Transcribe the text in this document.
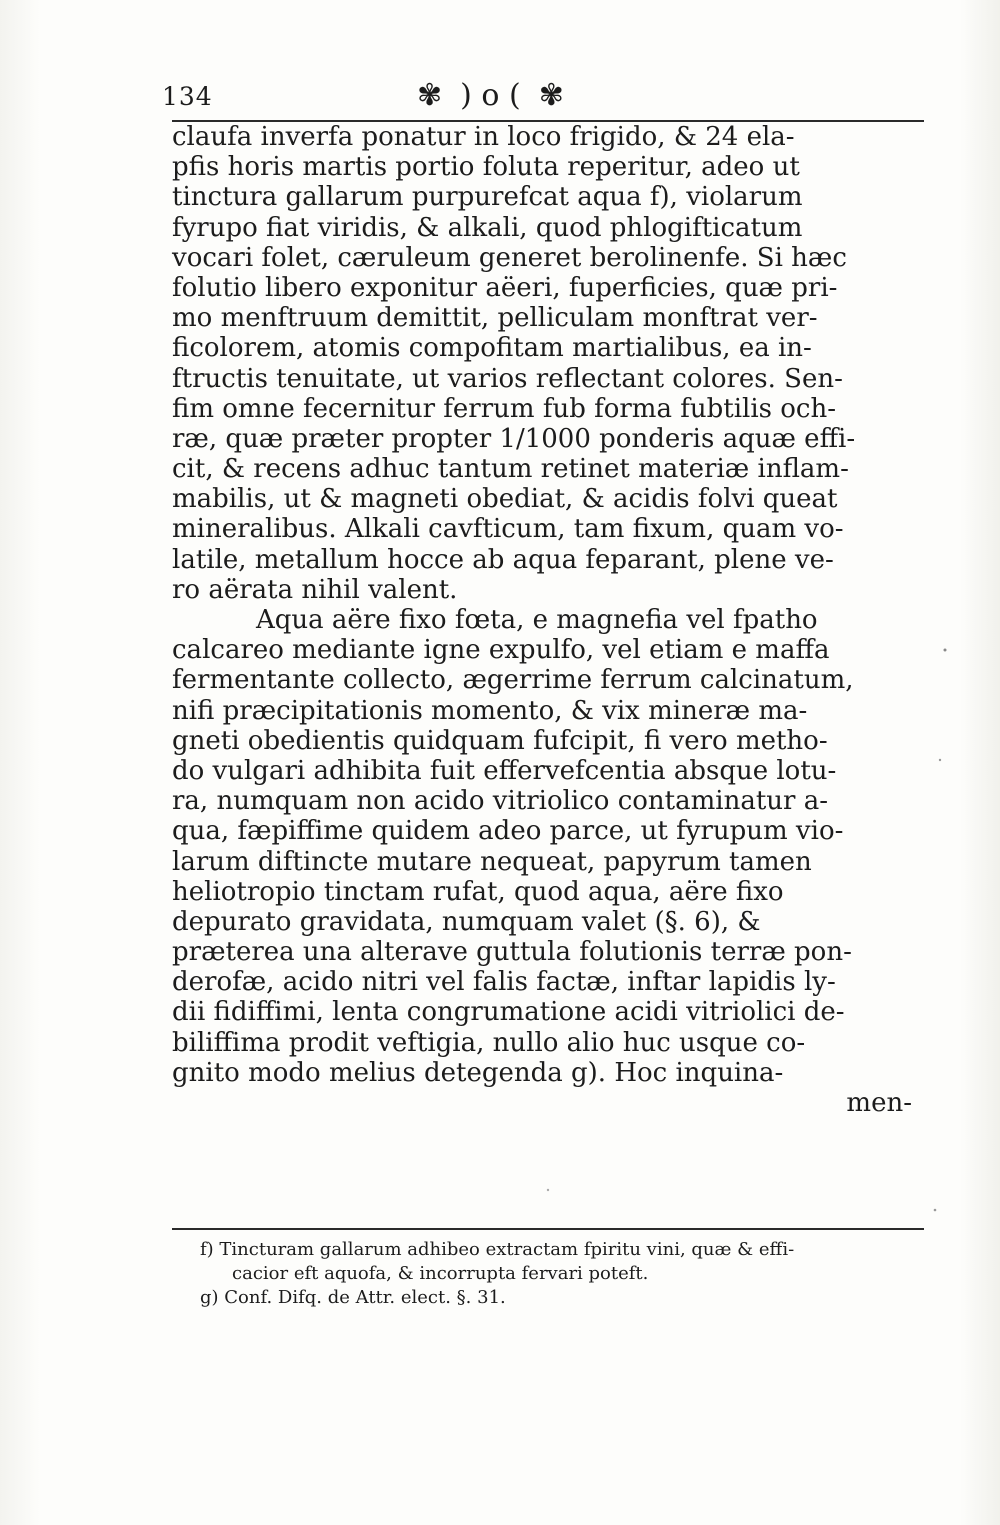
134	✾ ) o ( ✾
claufa inverfa ponatur in loco frigido, & 24 ela-
pfis horis martis portio foluta reperitur, adeo ut
tinctura gallarum purpurefcat aqua f), violarum
fyrupo fiat viridis, & alkali, quod phlogifticatum
vocari folet, cæruleum generet berolinenfe. Si hæc
folutio libero exponitur aëeri, fuperficies, quæ pri-
mo menftruum demittit, pelliculam monftrat ver-
ficolorem, atomis compofitam martialibus, ea in-
ftructis tenuitate, ut varios reflectant colores. Sen-
fim omne fecernitur ferrum fub forma fubtilis och-
ræ, quæ præter propter 1/1000 ponderis aquæ effi-
cit, & recens adhuc tantum retinet materiæ inflam-
mabilis, ut & magneti obediat, & acidis folvi queat
mineralibus. Alkali cavfticum, tam fixum, quam vo-
latile, metallum hocce ab aqua feparant, plene ve-
ro aërata nihil valent.
Aqua aëre fixo fœta, e magnefia vel fpatho
calcareo mediante igne expulfo, vel etiam e maffa
fermentante collecto, ægerrime ferrum calcinatum,
nifi præcipitationis momento, & vix mineræ ma-
gneti obedientis quidquam fufcipit, fi vero metho-
do vulgari adhibita fuit effervefcentia absque lotu-
ra, numquam non acido vitriolico contaminatur a-
qua, fæpiffime quidem adeo parce, ut fyrupum vio-
larum diftincte mutare nequeat, papyrum tamen
heliotropio tinctam rufat, quod aqua, aëre fixo
depurato gravidata, numquam valet (§. 6), &
præterea una alterave guttula folutionis terræ pon-
derofæ, acido nitri vel falis factæ, inftar lapidis ly-
dii fidiffimi, lenta congrumatione acidi vitriolici de-
biliffima prodit veftigia, nullo alio huc usque co-
gnito modo melius detegenda g). Hoc inquina-
men-
f) Tincturam gallarum adhibeo extractam fpiritu vini, quæ & effi-
cacior eft aquofa, & incorrupta fervari poteft.
g) Conf. Difq. de Attr. elect. §. 31.
